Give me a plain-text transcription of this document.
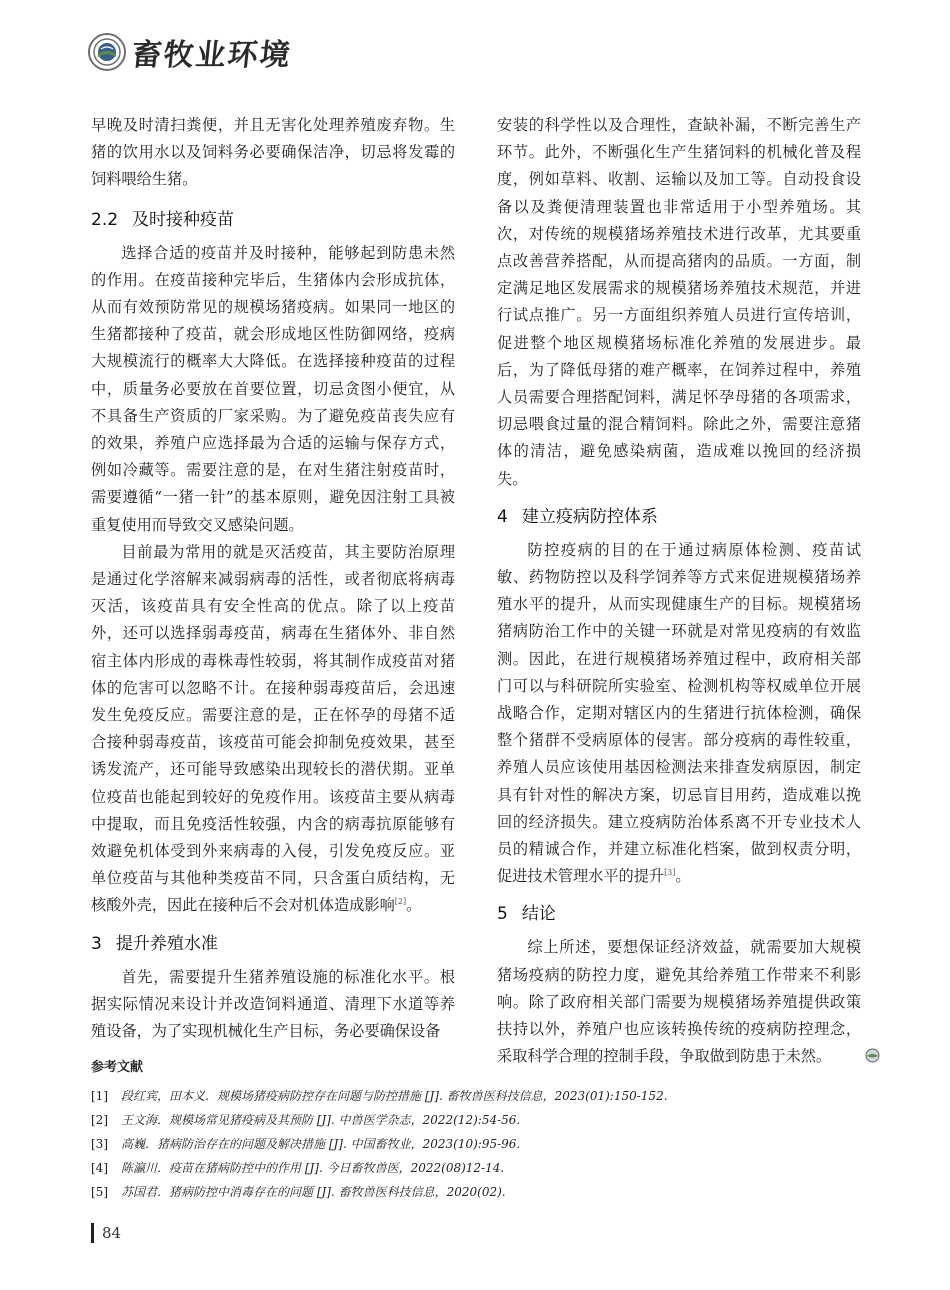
畜牧业环境

早晚及时清扫粪便，并且无害化处理养殖废弃物。生猪的饮用水以及饲料务必要确保洁净，切忌将发霉的饲料喂给生猪。

2.2 及时接种疫苗

选择合适的疫苗并及时接种，能够起到防患未然的作用。在疫苗接种完毕后，生猪体内会形成抗体，从而有效预防常见的规模场猪疫病。如果同一地区的生猪都接种了疫苗，就会形成地区性防御网络，疫病大规模流行的概率大大降低。在选择接种疫苗的过程中，质量务必要放在首要位置，切忌贪图小便宜，从不具备生产资质的厂家采购。为了避免疫苗丧失应有的效果，养殖户应选择最为合适的运输与保存方式，例如冷藏等。需要注意的是，在对生猪注射疫苗时，需要遵循“一猪一针”的基本原则，避免因注射工具被重复使用而导致交叉感染问题。

目前最为常用的就是灭活疫苗，其主要防治原理是通过化学溶解来减弱病毒的活性，或者彻底将病毒灭活，该疫苗具有安全性高的优点。除了以上疫苗外，还可以选择弱毒疫苗，病毒在生猪体外、非自然宿主体内形成的毒株毒性较弱，将其制作成疫苗对猪体的危害可以忽略不计。在接种弱毒疫苗后，会迅速发生免疫反应。需要注意的是，正在怀孕的母猪不适合接种弱毒疫苗，该疫苗可能会抑制免疫效果，甚至诱发流产，还可能导致感染出现较长的潜伏期。亚单位疫苗也能起到较好的免疫作用。该疫苗主要从病毒中提取，而且免疫活性较强，内含的病毒抗原能够有效避免机体受到外来病毒的入侵，引发免疫反应。亚单位疫苗与其他种类疫苗不同，只含蛋白质结构，无核酸外壳，因此在接种后不会对机体造成影响[2]。

3 提升养殖水准

首先，需要提升生猪养殖设施的标准化水平。根据实际情况来设计并改造饲料通道、清理下水道等养殖设备，为了实现机械化生产目标，务必要确保设备

安装的科学性以及合理性，查缺补漏，不断完善生产环节。此外，不断强化生产生猪饲料的机械化普及程度，例如草料、收割、运输以及加工等。自动投食设备以及粪便清理装置也非常适用于小型养殖场。其次，对传统的规模猪场养殖技术进行改革，尤其要重点改善营养搭配，从而提高猪肉的品质。一方面，制定满足地区发展需求的规模猪场养殖技术规范，并进行试点推广。另一方面组织养殖人员进行宣传培训，促进整个地区规模猪场标准化养殖的发展进步。最后，为了降低母猪的难产概率，在饲养过程中，养殖人员需要合理搭配饲料，满足怀孕母猪的各项需求，切忌喂食过量的混合精饲料。除此之外，需要注意猪体的清洁，避免感染病菌，造成难以挽回的经济损失。

4 建立疫病防控体系

防控疫病的目的在于通过病原体检测、疫苗试敏、药物防控以及科学饲养等方式来促进规模猪场养殖水平的提升，从而实现健康生产的目标。规模猪场猪病防治工作中的关键一环就是对常见疫病的有效监测。因此，在进行规模猪场养殖过程中，政府相关部门可以与科研院所实验室、检测机构等权威单位开展战略合作，定期对辖区内的生猪进行抗体检测，确保整个猪群不受病原体的侵害。部分疫病的毒性较重，养殖人员应该使用基因检测法来排查发病原因，制定具有针对性的解决方案，切忌盲目用药，造成难以挽回的经济损失。建立疫病防治体系离不开专业技术人员的精诚合作，并建立标准化档案，做到权责分明，促进技术管理水平的提升[3]。

5 结论

综上所述，要想保证经济效益，就需要加大规模猪场疫病的防控力度，避免其给养殖工作带来不利影响。除了政府相关部门需要为规模猪场养殖提供政策扶持以外，养殖户也应该转换传统的疫病防控理念，采取科学合理的控制手段，争取做到防患于未然。

参考文献
[1]	段红宾，田本义．规模场猪疫病防控存在问题与防控措施 [J]. 畜牧兽医科技信息，2023(01):150-152.
[2]	王文海．规模场常见猪疫病及其预防 [J]. 中兽医学杂志，2022(12):54-56.
[3]	高巍．猪病防治存在的问题及解决措施 [J]. 中国畜牧业，2023(10):95-96.
[4]	陈瀛川．疫苗在猪病防控中的作用 [J]. 今日畜牧兽医，2022(08)12-14.
[5]	苏国君．猪病防控中消毒存在的问题 [J]. 畜牧兽医科技信息，2020(02).
84
